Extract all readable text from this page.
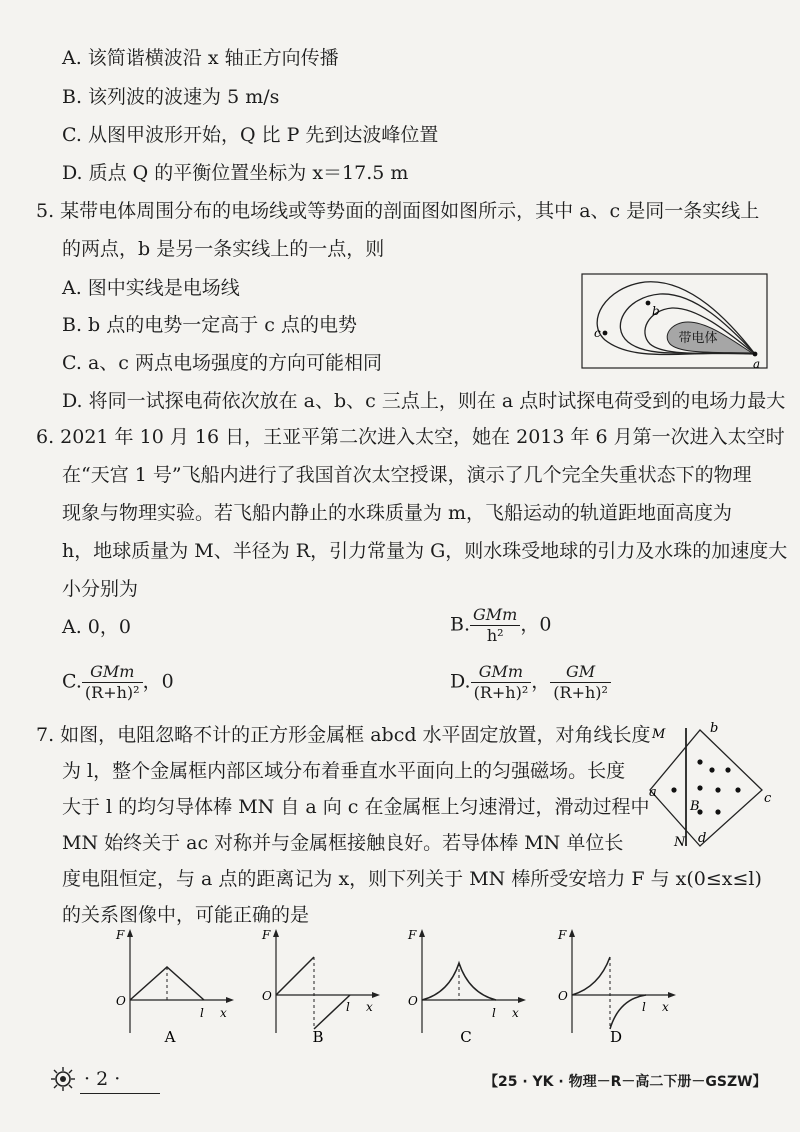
A. 该简谐横波沿 x 轴正方向传播
B. 该列波的波速为 5 m/s
C. 从图甲波形开始，Q 比 P 先到达波峰位置
D. 质点 Q 的平衡位置坐标为 x＝17.5 m
5. 某带电体周围分布的电场线或等势面的剖面图如图所示，其中 a、c 是同一条实线上
的两点，b 是另一条实线上的一点，则
A. 图中实线是电场线
B. b 点的电势一定高于 c 点的电势
C. a、c 两点电场强度的方向可能相同
D. 将同一试探电荷依次放在 a、b、c 三点上，则在 a 点时试探电荷受到的电场力最大
带电体
b
c
a
6. 2021 年 10 月 16 日，王亚平第二次进入太空，她在 2013 年 6 月第一次进入太空时
在“天宫 1 号”飞船内进行了我国首次太空授课，演示了几个完全失重状态下的物理
现象与物理实验。若飞船内静止的水珠质量为 m，飞船运动的轨道距地面高度为
h，地球质量为 M、半径为 R，引力常量为 G，则水珠受地球的引力及水珠的加速度大
小分别为
A. 0，0	B. $\frac{\text{GMm}}{\text{h²}}$ ，0
C. $\frac{\text{GMm}}{\text{(R+h)²}}$ ，0	D. $\frac{\text{GMm}}{\text{(R+h)²}}$ ， $\frac{GM}{\text{(R+h)²}}$
7. 如图，电阻忽略不计的正方形金属框 abcd 水平固定放置，对角线长度
为 l，整个金属框内部区域分布着垂直水平面向上的匀强磁场。长度
大于 l 的均匀导体棒 MN 自 a 向 c 在金属框上匀速滑过，滑动过程中
MN 始终关于 ac 对称并与金属框接触良好。若导体棒 MN 单位长
度电阻恒定，与 a 点的距离记为 x，则下列关于 MN 棒所受安培力 F 与 x(0≤x≤l)
的关系图像中，可能正确的是
M
N
b
a	c
d
B
F
O
l x
A
F
O
l x
B
F
O
l x
C
F
O
l x
D
· 2 ·	【25 · YK · 物理－R－高二下册－GSZW】
